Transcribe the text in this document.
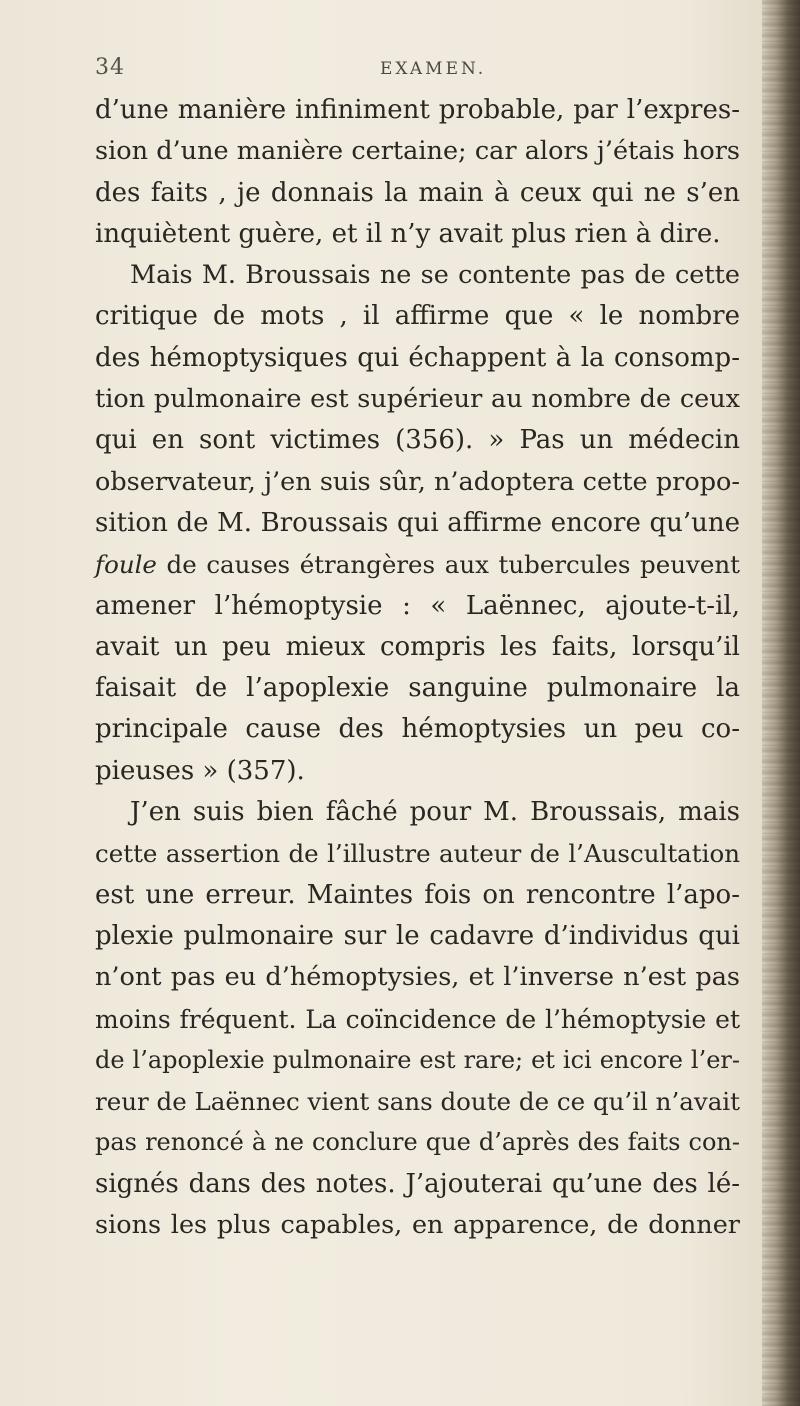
34	EXAMEN.
d’une manière infiniment probable, par l’expres-
sion d’une manière certaine; car alors j’étais hors
des faits , je donnais la main à ceux qui ne s’en
inquiètent guère, et il n’y avait plus rien à dire.
Mais M. Broussais ne se contente pas de cette
critique de mots , il affirme que « le nombre
des hémoptysiques qui échappent à la consomp-
tion pulmonaire est supérieur au nombre de ceux
qui en sont victimes (356). » Pas un médecin
observateur, j’en suis sûr, n’adoptera cette propo-
sition de M. Broussais qui affirme encore qu’une
foule de causes étrangères aux tubercules peuvent
amener l’hémoptysie : « Laënnec, ajoute-t-il,
avait un peu mieux compris les faits, lorsqu’il
faisait de l’apoplexie sanguine pulmonaire la
principale cause des hémoptysies un peu co-
pieuses » (357).
J’en suis bien fâché pour M. Broussais, mais
cette assertion de l’illustre auteur de l’Auscultation
est une erreur. Maintes fois on rencontre l’apo-
plexie pulmonaire sur le cadavre d’individus qui
n’ont pas eu d’hémoptysies, et l’inverse n’est pas
moins fréquent. La coïncidence de l’hémoptysie et
de l’apoplexie pulmonaire est rare; et ici encore l’er-
reur de Laënnec vient sans doute de ce qu’il n’avait
pas renoncé à ne conclure que d’après des faits con-
signés dans des notes. J’ajouterai qu’une des lé-
sions les plus capables, en apparence, de donner
